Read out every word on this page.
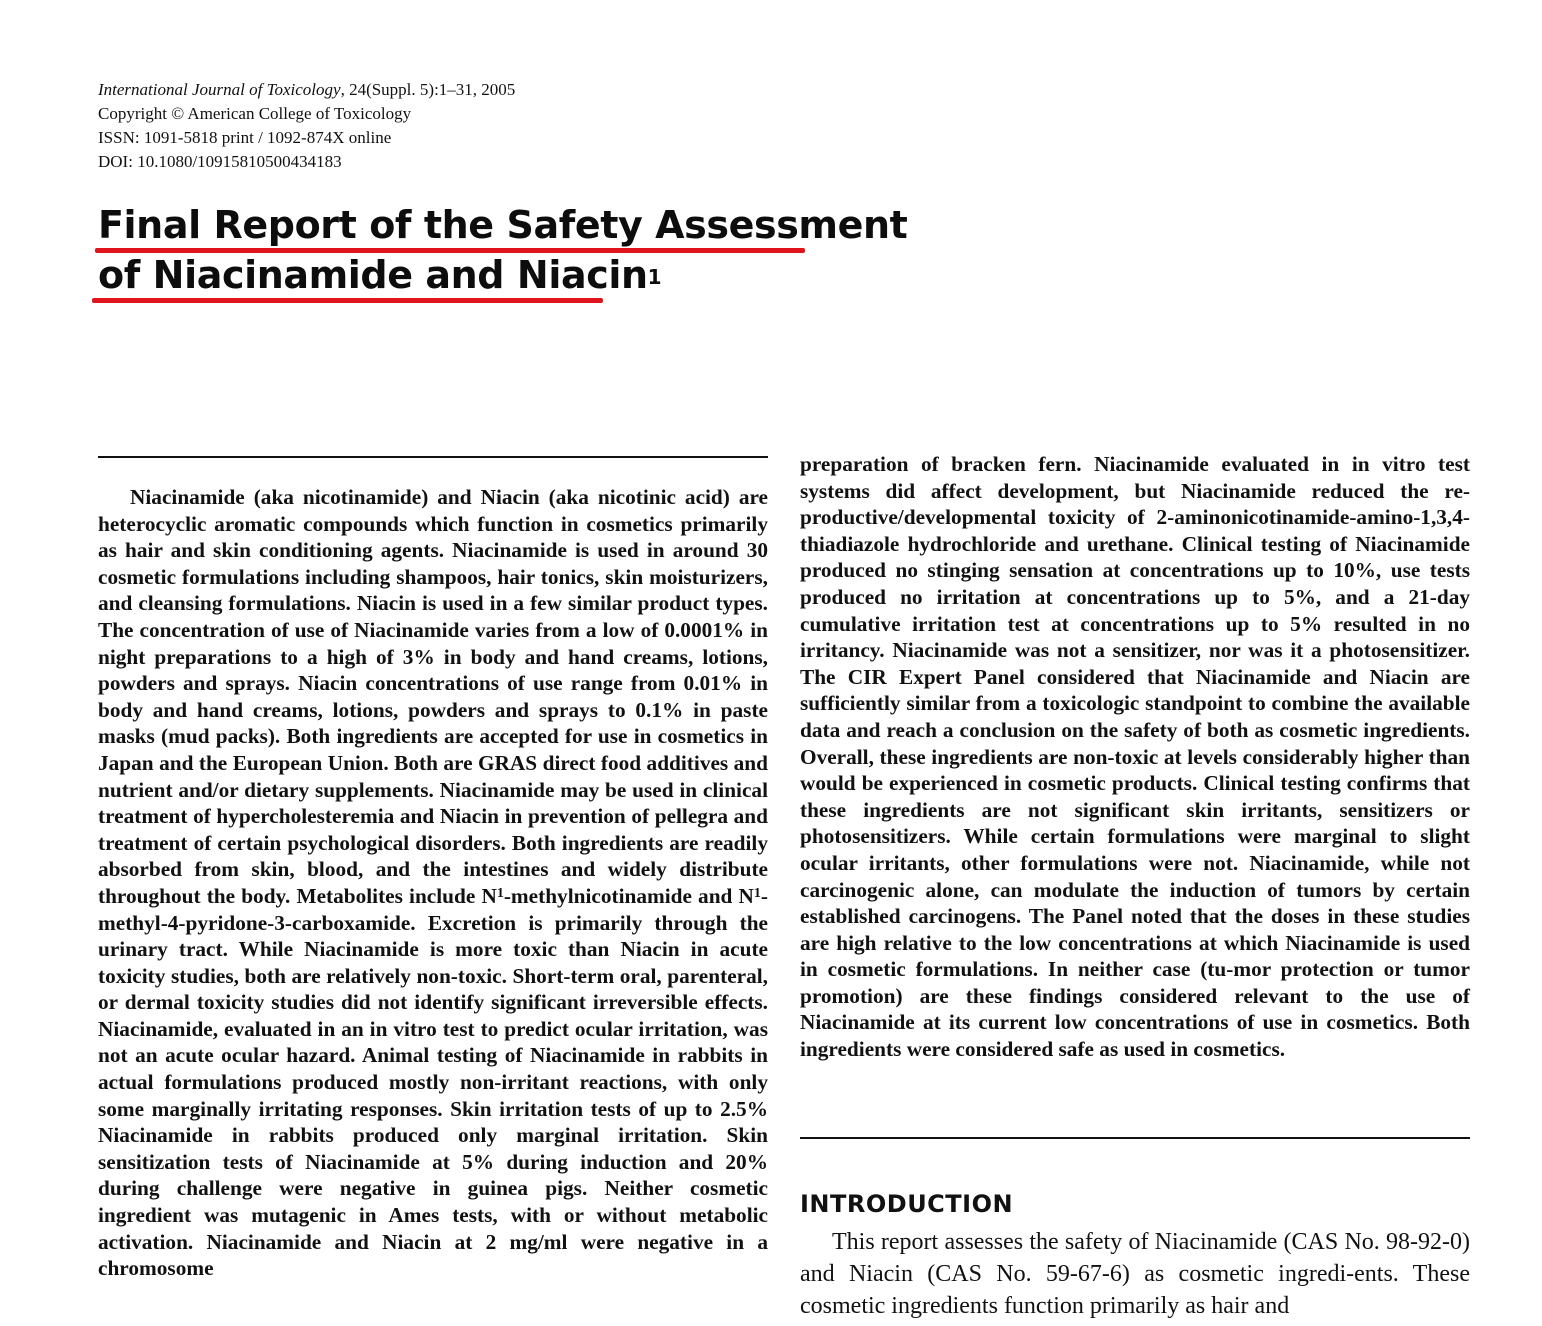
International Journal of Toxicology, 24(Suppl. 5):1–31, 2005
Copyright © American College of Toxicology
ISSN: 1091-5818 print / 1092-874X online
DOI: 10.1080/10915810500434183
Final Report of the Safety Assessment
of Niacinamide and Niacin$^1$
Niacinamide (aka nicotinamide) and Niacin (aka nicotinic acid) are heterocyclic aromatic compounds which function in cosmetics primarily as hair and skin conditioning agents. Niacinamide is used in around 30 cosmetic formulations including shampoos, hair tonics, skin moisturizers, and cleansing formulations. Niacin is used in a few similar product types. The concentration of use of Niacinamide varies from a low of 0.0001% in night preparations to a high of 3% in body and hand creams, lotions, powders and sprays. Niacin concentrations of use range from 0.01% in body and hand creams, lotions, powders and sprays to 0.1% in paste masks (mud packs). Both ingredients are accepted for use in cosmetics in Japan and the European Union. Both are GRAS direct food additives and nutrient and/or dietary supplements. Niacinamide may be used in clinical treatment of hypercholesteremia and Niacin in prevention of pellegra and treatment of certain psychological disorders. Both ingredients are readily absorbed from skin, blood, and the intestines and widely distribute throughout the body. Metabolites include $N^1$-methylnicotinamide and $N^1-methyl-4-pyridone-3$-carboxamide. Excretion is primarily through the urinary tract. While Niacinamide is more toxic than Niacin in acute toxicity studies, both are relatively non-toxic. Short-term oral, parenteral, or dermal toxicity studies did not identify significant irreversible effects. Niacinamide, evaluated in an in vitro test to predict ocular irritation, was not an acute ocular hazard. Animal testing of Niacinamide in rabbits in actual formulations produced mostly non-irritant reactions, with only some marginally irritating responses. Skin irritation tests of up to 2.5% Niacinamide in rabbits produced only marginal irritation. Skin sensitization tests of Niacinamide at 5% during induction and 20% during challenge were negative in guinea pigs. Neither cosmetic ingredient was mutagenic in Ames tests, with or without metabolic activation. Niacinamide and Niacin at 2 mg/ml were negative in a chromosome
preparation of bracken fern. Niacinamide evaluated in in vitro test systems did affect development, but Niacinamide reduced the re-productive/developmental toxicity of 2-aminonicotinamide-amino-1,3,4-thiadiazole hydrochloride and urethane. Clinical testing of Niacinamide produced no stinging sensation at concentrations up to 10%, use tests produced no irritation at concentrations up to 5%, and a 21-day cumulative irritation test at concentrations up to 5% resulted in no irritancy. Niacinamide was not a sensitizer, nor was it a photosensitizer. The CIR Expert Panel considered that Niacinamide and Niacin are sufficiently similar from a toxicologic standpoint to combine the available data and reach a conclusion on the safety of both as cosmetic ingredients. Overall, these ingredients are non-toxic at levels considerably higher than would be experienced in cosmetic products. Clinical testing confirms that these ingredients are not significant skin irritants, sensitizers or photosensitizers. While certain formulations were marginal to slight ocular irritants, other formulations were not. Niacinamide, while not carcinogenic alone, can modulate the induction of tumors by certain established carcinogens. The Panel noted that the doses in these studies are high relative to the low concentrations at which Niacinamide is used in cosmetic formulations. In neither case (tu-mor protection or tumor promotion) are these findings considered relevant to the use of Niacinamide at its current low concentrations of use in cosmetics. Both ingredients were considered safe as used in cosmetics.
INTRODUCTION
This report assesses the safety of Niacinamide (CAS No. 98-92-0) and Niacin (CAS No. 59-67-6) as cosmetic ingredi-ents. These cosmetic ingredients function primarily as hair and
